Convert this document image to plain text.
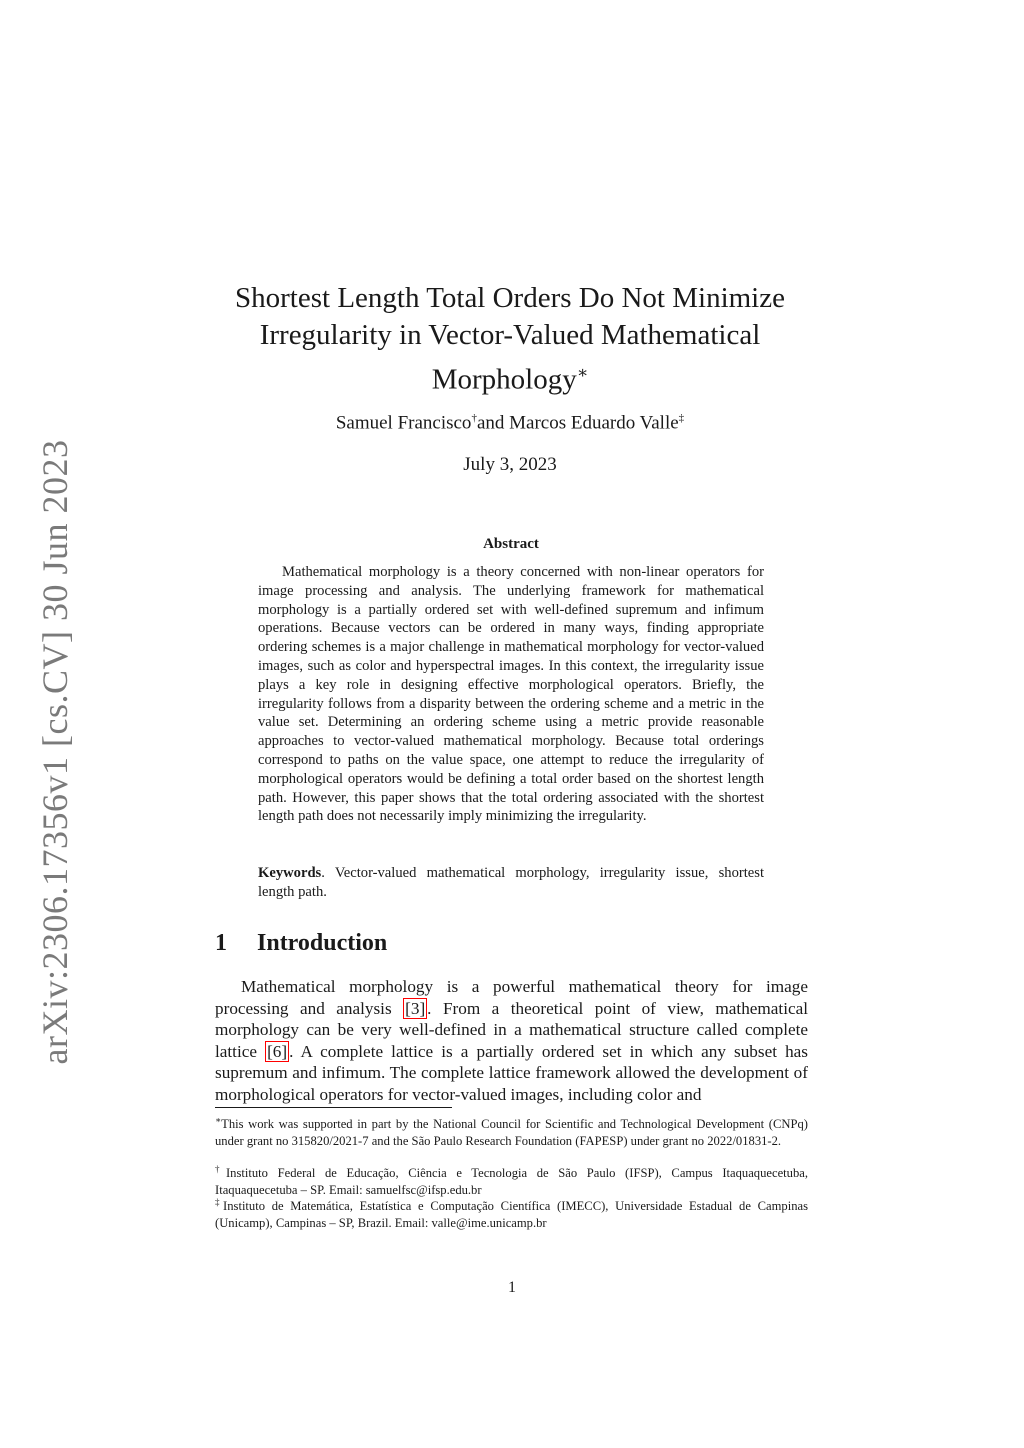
arXiv:2306.17356v1 [cs.CV] 30 Jun 2023
Shortest Length Total Orders Do Not Minimize
Irregularity in Vector-Valued Mathematical
Morphology∗
Samuel Francisco†and Marcos Eduardo Valle‡
July 3, 2023
Abstract

Mathematical morphology is a theory concerned with non-linear operators for image processing and analysis. The underlying framework for mathematical morphology is a partially ordered set with well-defined supremum and infimum operations. Because vectors can be ordered in many ways, finding appropriate ordering schemes is a major challenge in mathematical morphology for vector-valued images, such as color and hyperspectral images. In this context, the irregularity issue plays a key role in designing effective morphological operators. Briefly, the irregularity follows from a disparity between the ordering scheme and a metric in the value set. Determining an ordering scheme using a metric provide reasonable approaches to vector-valued mathematical morphology. Because total orderings correspond to paths on the value space, one attempt to reduce the irregularity of morphological operators would be defining a total order based on the shortest length path. However, this paper shows that the total ordering associated with the shortest length path does not necessarily imply minimizing the irregularity.

Keywords. Vector-valued mathematical morphology, irregularity issue, shortest length path.

1 Introduction

Mathematical morphology is a powerful mathematical theory for image processing and analysis [3] . From a theoretical point of view, mathematical morphology can be very well-defined in a mathematical structure called complete lattice [6] . A complete lattice is a partially ordered set in which any subset has supremum and infimum. The complete lattice framework allowed the development of morphological operators for vector-valued images, including color and

∗This work was supported in part by the National Council for Scientific and Technological Development (CNPq) under grant no 315820/2021-7 and the São Paulo Research Foundation (FAPESP) under grant no 2022/01831-2.

†Instituto Federal de Educação, Ciência e Tecnologia de São Paulo (IFSP), Campus Itaquaquecetuba, Itaquaquecetuba – SP. Email: samuelfsc@ifsp.edu.br

‡Instituto de Matemática, Estatística e Computação Científica (IMECC), Universidade Estadual de Campinas (Unicamp), Campinas – SP, Brazil. Email: valle@ime.unicamp.br

1
